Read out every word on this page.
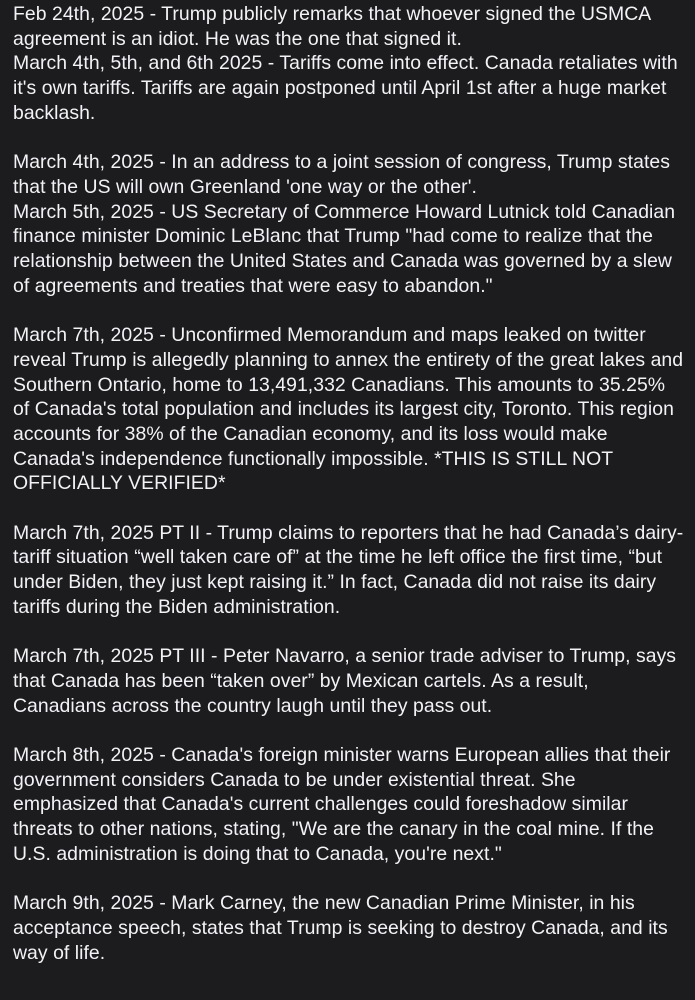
Feb 24th, 2025 - Trump publicly remarks that whoever signed the USMCA agreement is an idiot. He was the one that signed it.
March 4th, 5th, and 6th 2025 - Tariffs come into effect. Canada retaliates with it's own tariffs. Tariffs are again postponed until April 1st after a huge market backlash.
March 4th, 2025 - In an address to a joint session of congress, Trump states that the US will own Greenland 'one way or the other'.
March 5th, 2025 - US Secretary of Commerce Howard Lutnick told Canadian finance minister Dominic LeBlanc that Trump "had come to realize that the relationship between the United States and Canada was governed by a slew of agreements and treaties that were easy to abandon."
March 7th, 2025 - Unconfirmed Memorandum and maps leaked on twitter reveal Trump is allegedly planning to annex the entirety of the great lakes and Southern Ontario, home to 13,491,332 Canadians. This amounts to 35.25% of Canada's total population and includes its largest city, Toronto. This region accounts for 38% of the Canadian economy, and its loss would make Canada's independence functionally impossible. *THIS IS STILL NOT OFFICIALLY VERIFIED*
March 7th, 2025 PT II - Trump claims to reporters that he had Canada’s dairy-tariff situation “well taken care of” at the time he left office the first time, “but under Biden, they just kept raising it.” In fact, Canada did not raise its dairy tariffs during the Biden administration.
March 7th, 2025 PT III - Peter Navarro, a senior trade adviser to Trump, says that Canada has been “taken over” by Mexican cartels. As a result, Canadians across the country laugh until they pass out.
March 8th, 2025 - Canada's foreign minister warns European allies that their government considers Canada to be under existential threat. She emphasized that Canada's current challenges could foreshadow similar threats to other nations, stating, "We are the canary in the coal mine. If the U.S. administration is doing that to Canada, you're next."
March 9th, 2025 - Mark Carney, the new Canadian Prime Minister, in his acceptance speech, states that Trump is seeking to destroy Canada, and its way of life.
